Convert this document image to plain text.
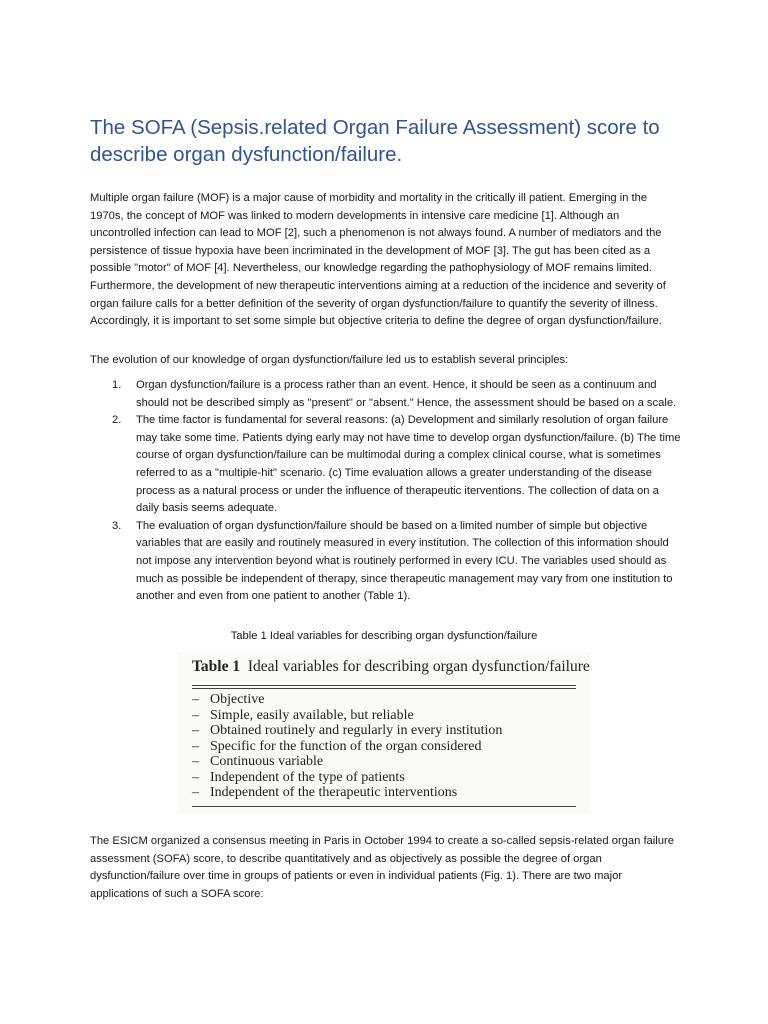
The SOFA (Sepsis.related Organ Failure Assessment) score to describe organ dysfunction/failure.

Multiple organ failure (MOF) is a major cause of morbidity and mortality in the critically ill patient. Emerging in the 1970s, the concept of MOF was linked to modern developments in intensive care medicine [1]. Although an uncontrolled infection can lead to MOF [2], such a phenomenon is not always found. A number of mediators and the persistence of tissue hypoxia have been incriminated in the development of MOF [3]. The gut has been cited as a possible "motor" of MOF [4]. Nevertheless, our knowledge regarding the pathophysiology of MOF remains limited. Furthermore, the development of new therapeutic interventions aiming at a reduction of the incidence and severity of organ failure calls for a better definition of the severity of organ dysfunction/failure to quantify the severity of illness. Accordingly, it is important to set some simple but objective criteria to define the degree of organ dysfunction/failure.

The evolution of our knowledge of organ dysfunction/failure led us to establish several principles:

1. Organ dysfunction/failure is a process rather than an event. Hence, it should be seen as a continuum and should not be described simply as "present" or "absent." Hence, the assessment should be based on a scale.
2. The time factor is fundamental for several reasons: (a) Development and similarly resolution of organ failure may take some time. Patients dying early may not have time to develop organ dysfunction/failure. (b) The time course of organ dysfunction/failure can be multimodal during a complex clinical course, what is sometimes referred to as a "multiple-hit" scenario. (c) Time evaluation allows a greater understanding of the disease process as a natural process or under the influence of therapeutic iterventions. The collection of data on a daily basis seems adequate.
3. The evaluation of organ dysfunction/failure should be based on a limited number of simple but objective variables that are easily and routinely measured in every institution. The collection of this information should not impose any intervention beyond what is routinely performed in every ICU. The variables used should as much as possible be independent of therapy, since therapeutic management may vary from one institution to another and even from one patient to another (Table 1).

Table 1 Ideal variables for describing organ dysfunction/failure

Table 1 Ideal variables for describing organ dysfunction/failure
– Objective
– Simple, easily available, but reliable
– Obtained routinely and regularly in every institution
– Specific for the function of the organ considered
– Continuous variable
– Independent of the type of patients
– Independent of the therapeutic interventions

The ESICM organized a consensus meeting in Paris in October 1994 to create a so-called sepsis-related organ failure assessment (SOFA) score, to describe quantitatively and as objectively as possible the degree of organ dysfunction/failure over time in groups of patients or even in individual patients (Fig. 1). There are two major applications of such a SOFA score:
